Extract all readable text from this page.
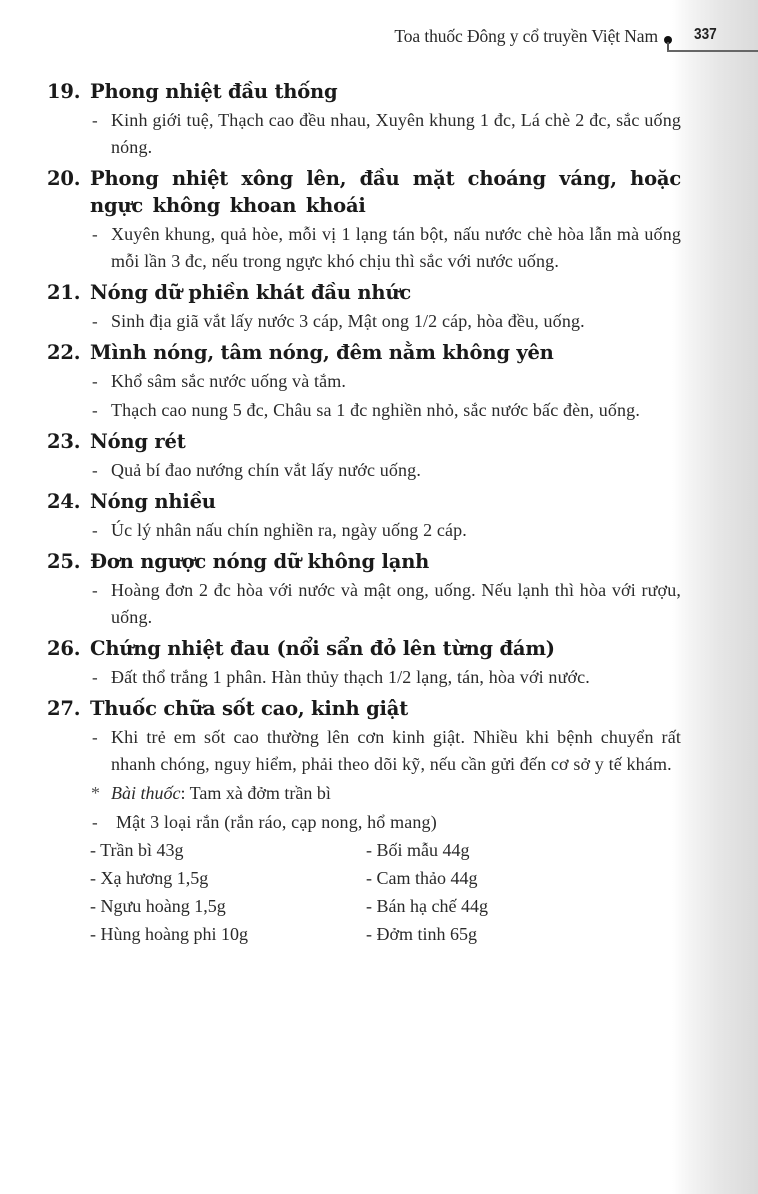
Toa thuốc Đông y cổ truyền Việt Nam 337
19. Phong nhiệt đầu thống
- Kinh giới tuệ, Thạch cao đều nhau, Xuyên khung 1 đc, Lá chè 2 đc, sắc uống nóng.
20. Phong nhiệt xông lên, đầu mặt choáng váng, hoặc ngực không khoan khoái
- Xuyên khung, quả hòe, mỗi vị 1 lạng tán bột, nấu nước chè hòa lẫn mà uống mỗi lần 3 đc, nếu trong ngực khó chịu thì sắc với nước uống.
21. Nóng dữ phiền khát đầu nhức
- Sinh địa giã vắt lấy nước 3 cáp, Mật ong 1/2 cáp, hòa đều, uống.
22. Mình nóng, tâm nóng, đêm nằm không yên
- Khổ sâm sắc nước uống và tắm.
- Thạch cao nung 5 đc, Châu sa 1 đc nghiền nhỏ, sắc nước bấc đèn, uống.
23. Nóng rét
- Quả bí đao nướng chín vắt lấy nước uống.
24. Nóng nhiều
- Úc lý nhân nấu chín nghiền ra, ngày uống 2 cáp.
25. Đơn ngược nóng dữ không lạnh
- Hoàng đơn 2 đc hòa với nước và mật ong, uống. Nếu lạnh thì hòa với rượu, uống.
26. Chứng nhiệt đau (nổi sẩn đỏ lên từng đám)
- Đất thổ trắng 1 phân. Hàn thủy thạch 1/2 lạng, tán, hòa với nước.
27. Thuốc chữa sốt cao, kinh giật
- Khi trẻ em sốt cao thường lên cơn kinh giật. Nhiều khi bệnh chuyển rất nhanh chóng, nguy hiểm, phải theo dõi kỹ, nếu cần gửi đến cơ sở y tế khám.
* Bài thuốc: Tam xà đởm trần bì
-	Mật 3 loại rắn (rắn ráo, cạp nong, hổ mang)
- Trần bì 43g	- Bối mẫu 44g
- Xạ hương 1,5g	- Cam thảo 44g
- Ngưu hoàng 1,5g	- Bán hạ chế 44g
- Hùng hoàng phi 10g	- Đởm tinh 65g
